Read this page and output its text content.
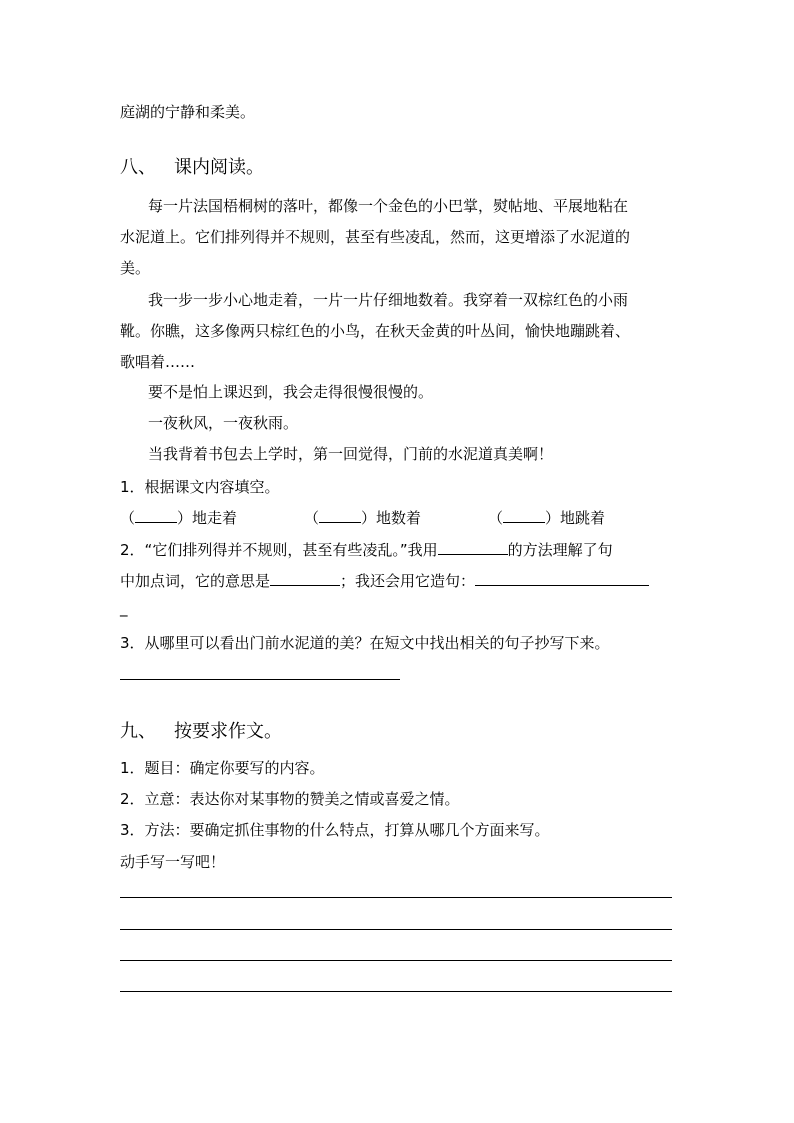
庭湖的宁静和柔美。
八、 课内阅读。
每一片法国梧桐树的落叶，都像一个金色的小巴掌，熨帖地、平展地粘在
水泥道上。它们排列得并不规则，甚至有些凌乱，然而，这更增添了水泥道的
美。
我一步一步小心地走着，一片一片仔细地数着。我穿着一双棕红色的小雨
靴。你瞧，这多像两只棕红色的小鸟，在秋天金黄的叶丛间，愉快地蹦跳着、
歌唱着……
要不是怕上课迟到，我会走得很慢很慢的。
一夜秋风，一夜秋雨。
当我背着书包去上学时，第一回觉得，门前的水泥道真美啊！
1．根据课文内容填空。
（	）地走着	（	）地数着	（	）地跳着
2．“它们排列得并不规则，甚至有些凌乱。”我用	的方法理解了句
中加点词，它的意思是	；我还会用它造句：
_
3．从哪里可以看出门前水泥道的美？在短文中找出相关的句子抄写下来。
九、 按要求作文。
1．题目：确定你要写的内容。
2．立意：表达你对某事物的赞美之情或喜爱之情。
3．方法：要确定抓住事物的什么特点，打算从哪几个方面来写。
动手写一写吧！
